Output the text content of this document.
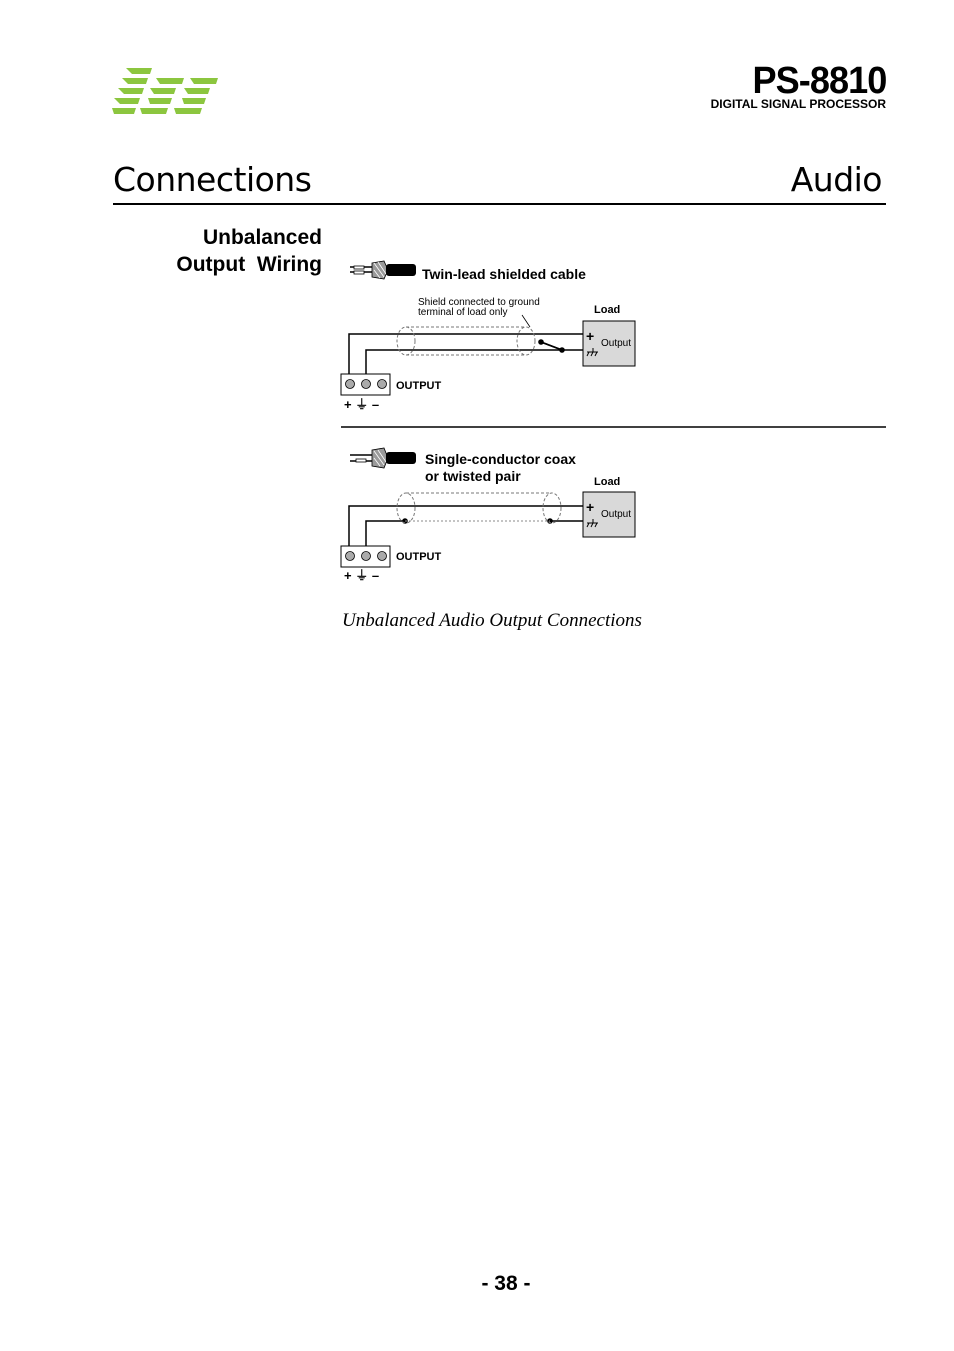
PS-8810
DIGITAL SIGNAL PROCESSOR
Connections	Audio
Unbalanced
Output  Wiring	Twin-lead shielded cable
Shield connected to ground
terminal of load only	Load
+ Output
OUTPUT
+ ⏚ –
Single-conductor coax
or twisted pair	Load
+ Output
OUTPUT
+ ⏚ –
Unbalanced Audio Output Connections
- 38 -
